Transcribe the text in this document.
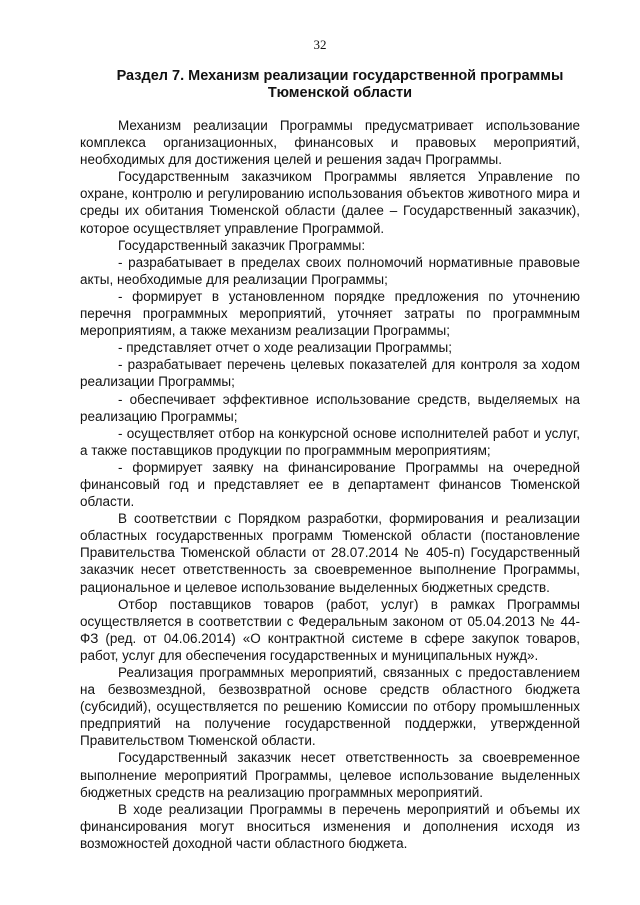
32
Раздел 7. Механизм реализации государственной программы
Тюменской области

Механизм реализации Программы предусматривает использование комплекса организационных, финансовых и правовых мероприятий, необходимых для достижения целей и решения задач Программы.

Государственным заказчиком Программы является Управление по охране, контролю и регулированию использования объектов животного мира и среды их обитания Тюменской области (далее – Государственный заказчик), которое осуществляет управление Программой.

Государственный заказчик Программы:

- разрабатывает в пределах своих полномочий нормативные правовые акты, необходимые для реализации Программы;

- формирует в установленном порядке предложения по уточнению перечня программных мероприятий, уточняет затраты по программным мероприятиям, а также механизм реализации Программы;

- представляет отчет о ходе реализации Программы;

- разрабатывает перечень целевых показателей для контроля за ходом реализации Программы;

- обеспечивает эффективное использование средств, выделяемых на реализацию Программы;

- осуществляет отбор на конкурсной основе исполнителей работ и услуг, а также поставщиков продукции по программным мероприятиям;

- формирует заявку на финансирование Программы на очередной финансовый год и представляет ее в департамент финансов Тюменской области.

В соответствии с Порядком разработки, формирования и реализации областных государственных программ Тюменской области (постановление Правительства Тюменской области от 28.07.2014 № 405-п) Государственный заказчик несет ответственность за своевременное выполнение Программы, рациональное и целевое использование выделенных бюджетных средств.

Отбор поставщиков товаров (работ, услуг) в рамках Программы осуществляется в соответствии с Федеральным законом от 05.04.2013 № 44-ФЗ (ред. от 04.06.2014) «О контрактной системе в сфере закупок товаров, работ, услуг для обеспечения государственных и муниципальных нужд».

Реализация программных мероприятий, связанных с предоставлением на безвозмездной, безвозвратной основе средств областного бюджета (субсидий), осуществляется по решению Комиссии по отбору промышленных предприятий на получение государственной поддержки, утвержденной Правительством Тюменской области.

Государственный заказчик несет ответственность за своевременное выполнение мероприятий Программы, целевое использование выделенных бюджетных средств на реализацию программных мероприятий.

В ходе реализации Программы в перечень мероприятий и объемы их финансирования могут вноситься изменения и дополнения исходя из возможностей доходной части областного бюджета.
